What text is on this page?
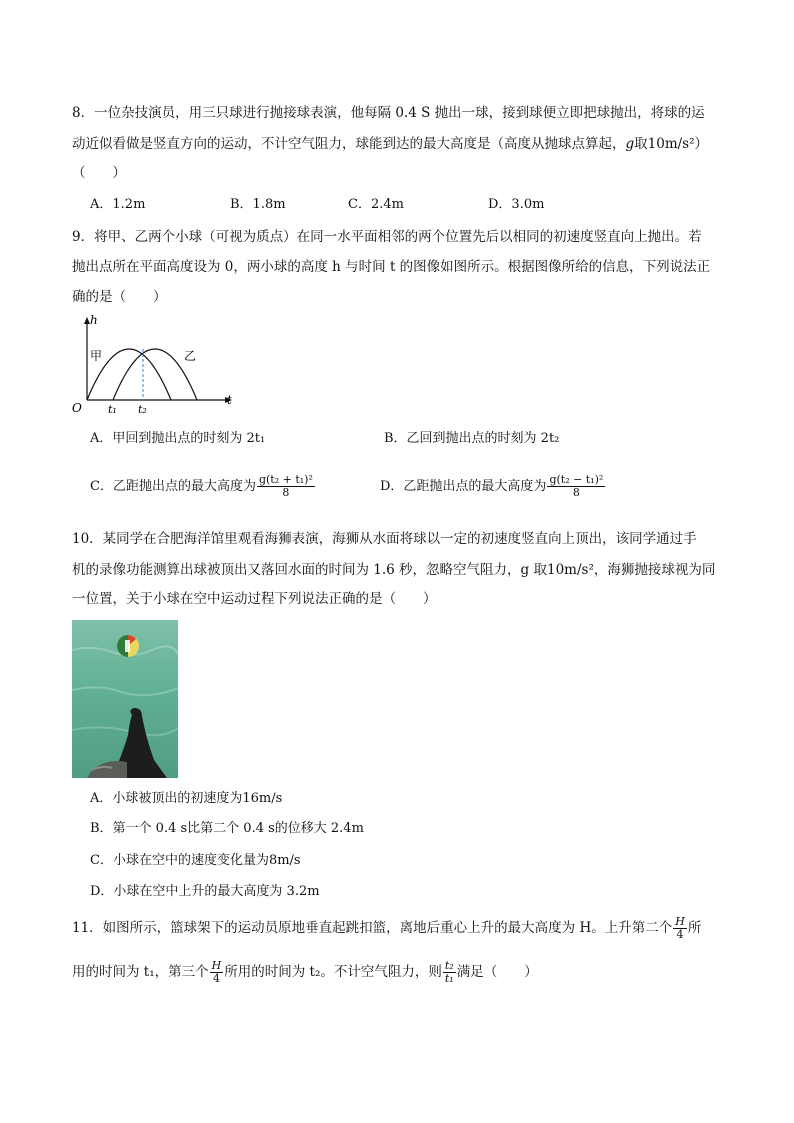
8．一位杂技演员，用三只球进行抛接球表演，他每隔 0.4 S 抛出一球，接到球便立即把球抛出，将球的运
动近似看做是竖直方向的运动，不计空气阻力，球能到达的最大高度是（高度从抛球点算起，g取10m/s²）
（　　）
A．1.2m	B．1.8m	C．2.4m	D．3.0m
9．将甲、乙两个小球（可视为质点）在同一水平面相邻的两个位置先后以相同的初速度竖直向上抛出。若
抛出点所在平面高度设为 0，两小球的高度 h 与时间 t 的图像如图所示。根据图像所给的信息，下列说法正
确的是（　　）
h
t
O
甲	乙
t₁ t₂
A．甲回到抛出点的时刻为 2t₁	B．乙回到抛出点的时刻为 2t₂
C．乙距抛出点的最大高度为 $\frac{\text{g(t₂ + t₁)²}}{8}$	D．乙距抛出点的最大高度为 $\frac{\text{g(t₂ − t₁)²}}{8}$
10．某同学在合肥海洋馆里观看海狮表演，海狮从水面将球以一定的初速度竖直向上顶出，该同学通过手
机的录像功能测算出球被顶出又落回水面的时间为 1.6 秒，忽略空气阻力，g 取10m/s²，海狮抛接球视为同
一位置，关于小球在空中运动过程下列说法正确的是（　　）
A．小球被顶出的初速度为16m/s
B．第一个 0.4 s比第二个 0.4 s的位移大 2.4m
C．小球在空中的速度变化量为8m/s
D．小球在空中上升的最大高度为 3.2m
11．如图所示，篮球架下的运动员原地垂直起跳扣篮，离地后重心上升的最大高度为 H。上升第二个 $\frac{H}{4}$ 所
用的时间为 t₁，第三个 $\frac{H}{4}$ 所用的时间为 t₂。不计空气阻力，则 $\frac{\text{t₂}}{\text{t₁}}$ 满足（　　）
